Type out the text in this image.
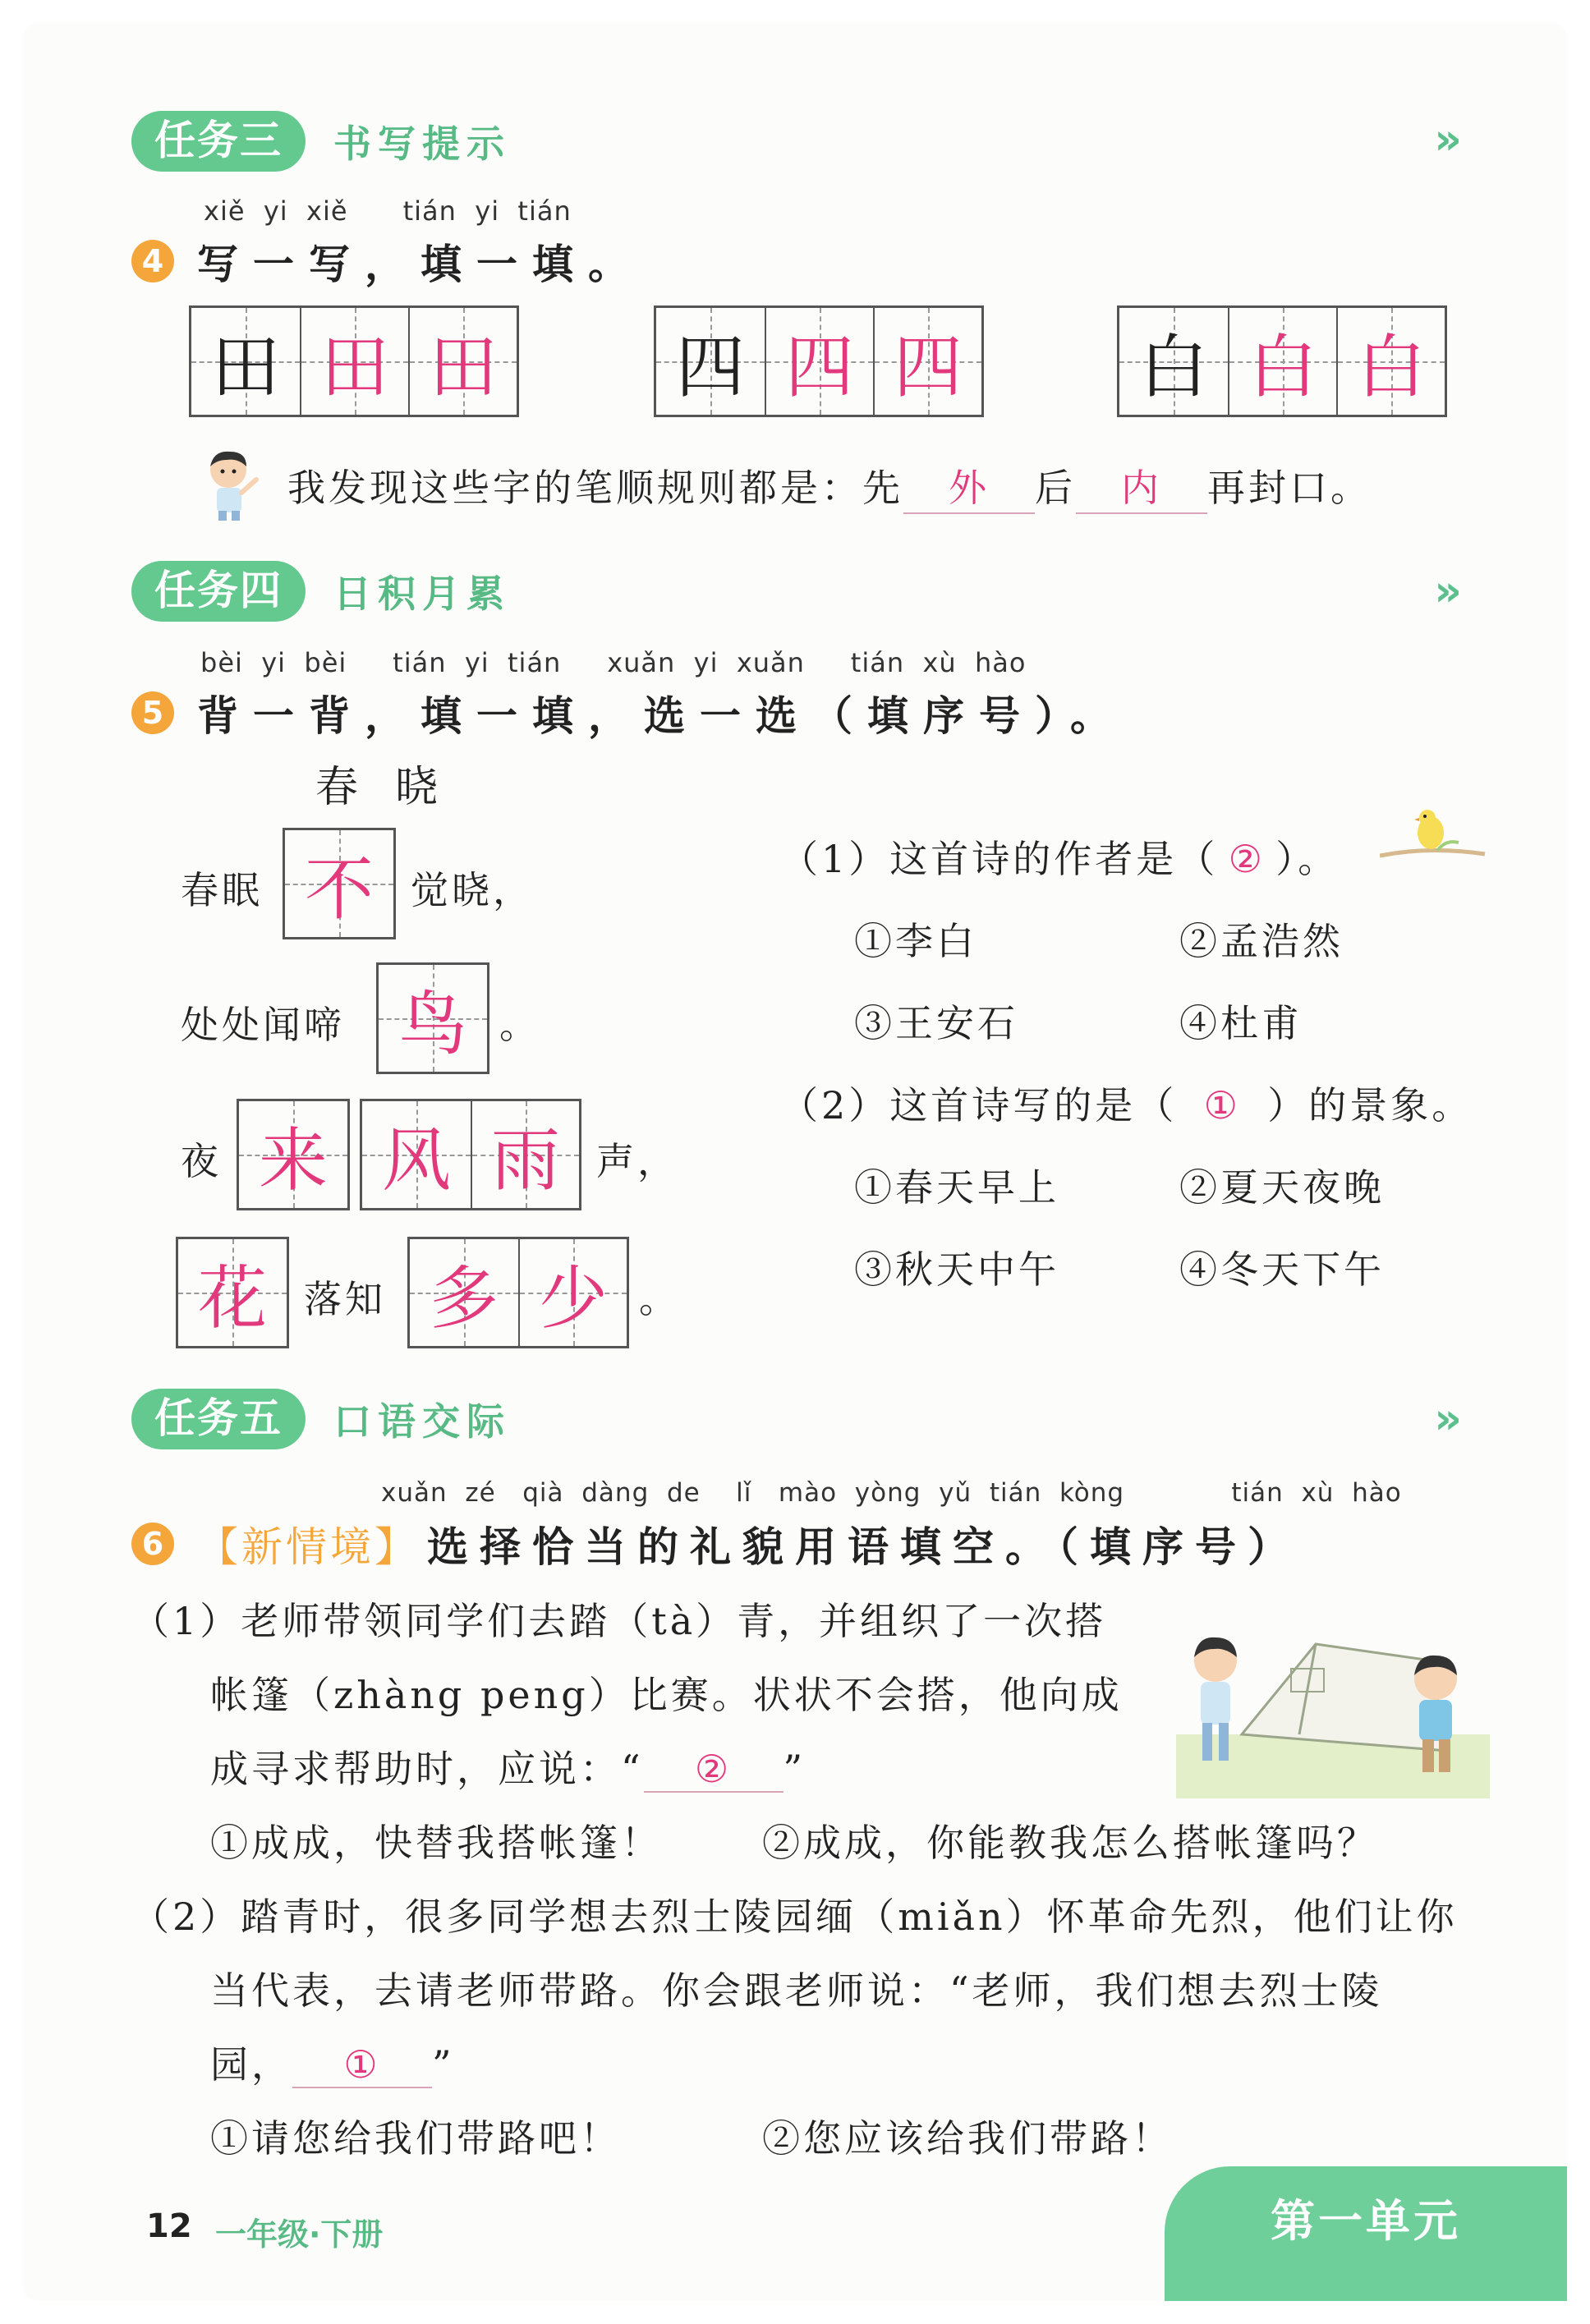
任务三	书写提示	»
xiě  yi  xiě      tián  yi  tián
4 写一写，填一填。
田 田 田	四 四 四	白 白 白
我发现这些字的笔顺规则都是：先 外 后 内 再封口。
任务四	日积月累	»
bèi  yi  bèi     tián  yi  tián     xuǎn  yi  xuǎn     tián  xù  hào
5 背一背，填一填，选一选（填序号）。
春  晓
春眠 不 觉晓，
处处闻啼 鸟 。
夜 来 风 雨 声，
花 落知 多 少 。
（1）这首诗的作者是（ ② ）。
①李白	②孟浩然
③王安石	④杜甫
（2）这首诗写的是（ ① ）的景象。
①春天早上	②夏天夜晚
③秋天中午	④冬天下午
任务五	口语交际	»
xuǎn  zé   qià  dàng  de    lǐ   mào  yòng  yǔ  tián  kòng            tián  xù  hào
6 【新情境】 选择恰当的礼貌用语填空。（填序号）
（1）老师带领同学们去踏（tà）青，并组织了一次搭
帐篷（zhàng peng）比赛。状状不会搭，他向成
成寻求帮助时，应说：“ ② ”
①成成，快替我搭帐篷！	②成成，你能教我怎么搭帐篷吗？
（2）踏青时，很多同学想去烈士陵园缅（miǎn）怀革命先烈，他们让你
当代表，去请老师带路。你会跟老师说：“老师，我们想去烈士陵
园， ① ”
①请您给我们带路吧！	②您应该给我们带路！
12 一年级·下册	第一单元
